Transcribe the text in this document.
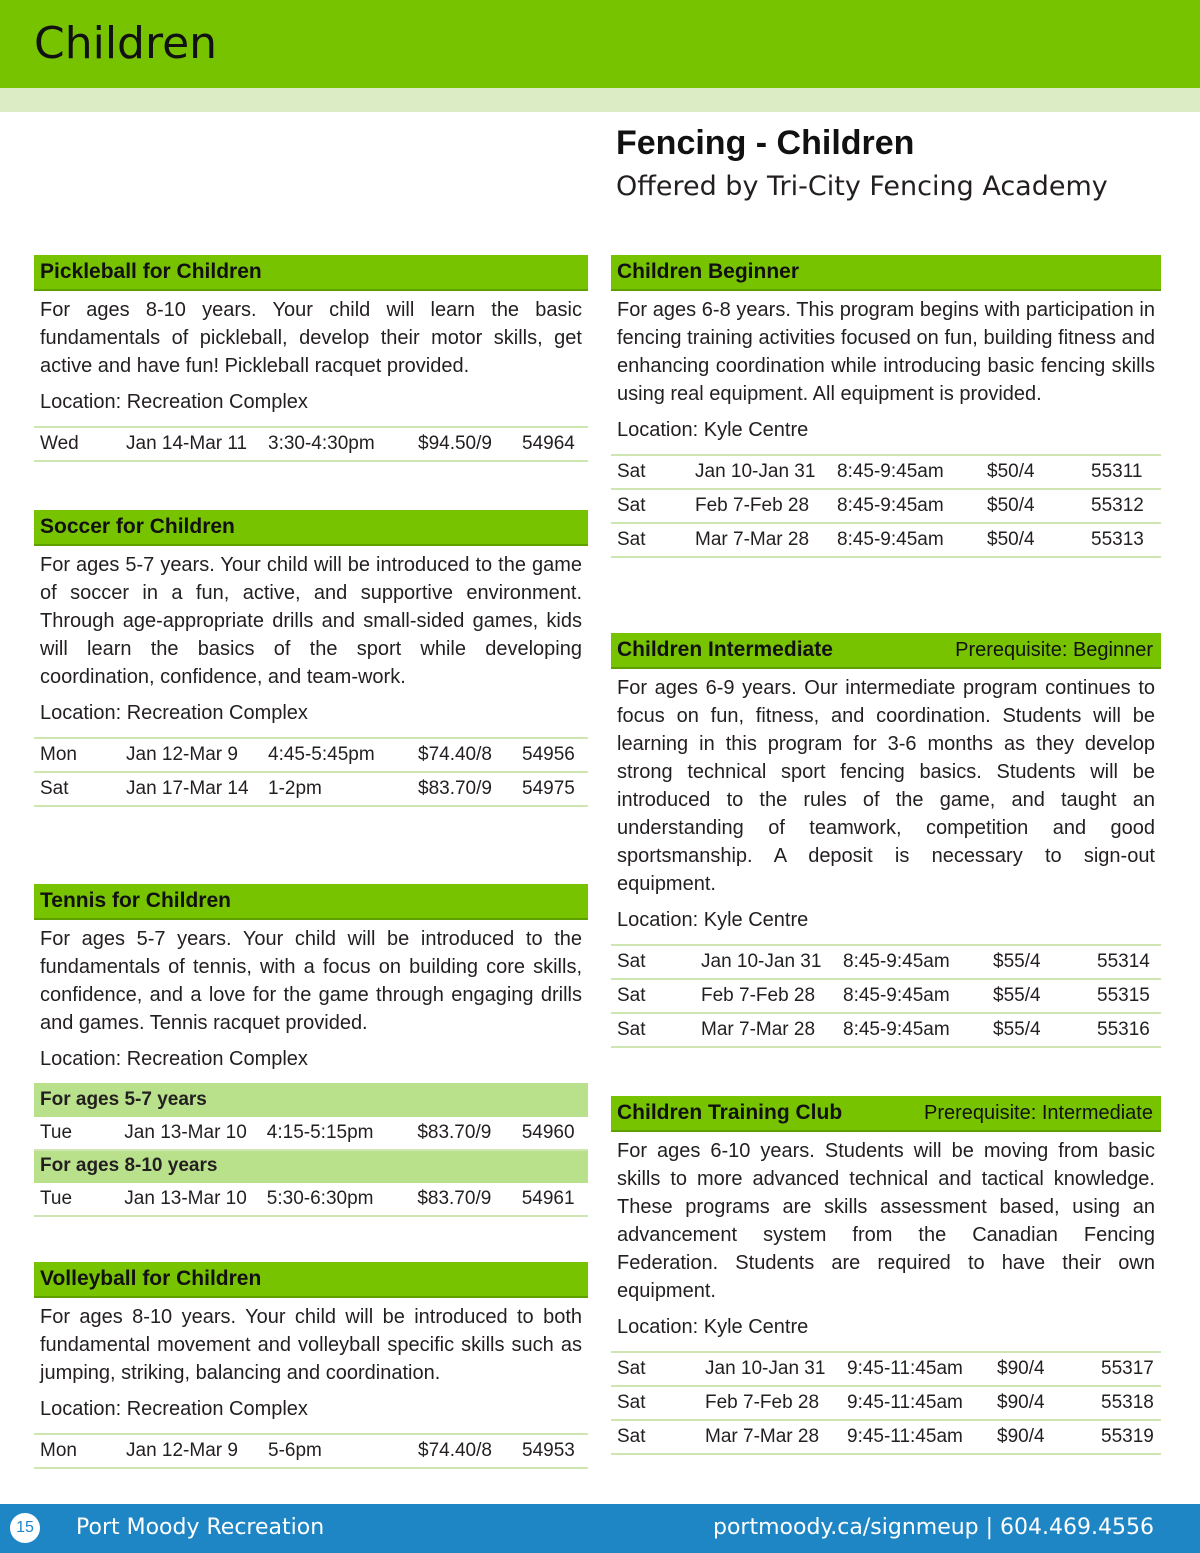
Children
Fencing - Children
Offered by Tri-City Fencing Academy
Pickleball for Children
For ages 8-10 years. Your child will learn the basic fundamentals of pickleball, develop their motor skills, get active and have fun! Pickleball racquet provided.
Location: Recreation Complex
Wed	Jan 14-Mar 11	3:30-4:30pm	$94.50/9	54964
Soccer for Children
For ages 5-7 years. Your child will be introduced to the game of soccer in a fun, active, and supportive environment. Through age-appropriate drills and small-sided games, kids will learn the basics of the sport while developing coordination, confidence, and team-work.
Location: Recreation Complex
Mon	Jan 12-Mar 9	4:45-5:45pm	$74.40/8	54956
Sat	Jan 17-Mar 14	1-2pm	$83.70/9	54975
Tennis for Children
For ages 5-7 years. Your child will be introduced to the fundamentals of tennis, with a focus on building core skills, confidence, and a love for the game through engaging drills and games. Tennis racquet provided.
Location: Recreation Complex
For ages 5-7 years				
Tue	Jan 13-Mar 10	4:15-5:15pm	$83.70/9	54960
For ages 8-10 years				
Tue	Jan 13-Mar 10	5:30-6:30pm	$83.70/9	54961
Volleyball for Children
For ages 8-10 years. Your child will be introduced to both fundamental movement and volleyball specific skills such as jumping, striking, balancing and coordination.
Location: Recreation Complex
Mon	Jan 12-Mar 9	5-6pm	$74.40/8	54953
Children Beginner
For ages 6-8 years. This program begins with participation in fencing training activities focused on fun, building fitness and enhancing coordination while introducing basic fencing skills using real equipment. All equipment is provided.
Location: Kyle Centre
Sat	Jan 10-Jan 31	8:45-9:45am	$50/4	55311
Sat	Feb 7-Feb 28	8:45-9:45am	$50/4	55312
Sat	Mar 7-Mar 28	8:45-9:45am	$50/4	55313
Children Intermediate	Prerequisite: Beginner
For ages 6-9 years. Our intermediate program continues to focus on fun, fitness, and coordination. Students will be learning in this program for 3-6 months as they develop strong technical sport fencing basics. Students will be introduced to the rules of the game, and taught an understanding of teamwork, competition and good sportsmanship. A deposit is necessary to sign-out equipment.
Location: Kyle Centre
Sat	Jan 10-Jan 31	8:45-9:45am	$55/4	55314
Sat	Feb 7-Feb 28	8:45-9:45am	$55/4	55315
Sat	Mar 7-Mar 28	8:45-9:45am	$55/4	55316
Children Training Club	Prerequisite: Intermediate
For ages 6-10 years. Students will be moving from basic skills to more advanced technical and tactical knowledge. These programs are skills assessment based, using an advancement system from the Canadian Fencing Federation. Students are required to have their own equipment.
Location: Kyle Centre
Sat	Jan 10-Jan 31	9:45-11:45am	$90/4	55317
Sat	Feb 7-Feb 28	9:45-11:45am	$90/4	55318
Sat	Mar 7-Mar 28	9:45-11:45am	$90/4	55319
15 Port Moody Recreation	portmoody.ca/signmeup | 604.469.4556
